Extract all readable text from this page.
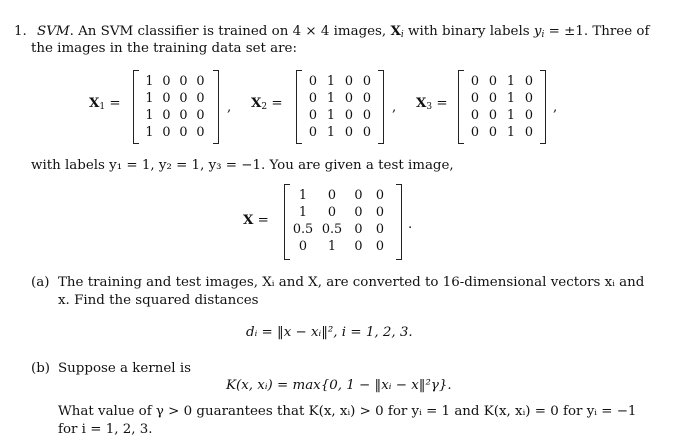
1. SVM. An SVM classifier is trained on 4 × 4 images, $X_i$ with binary labels $y_i = \pm 1$. Three of
the images in the training data set are:
$X_1$ =
1	0	0	0
1	0	0	0
1	0	0	0
1	0	0	0
, $X_2$ =
0	1	0	0
0	1	0	0
0	1	0	0
0	1	0	0
, $X_3$ =
0	0	1	0
0	0	1	0
0	0	1	0
0	0	1	0
,
with labels y₁ = 1, y₂ = 1, y₃ = −1. You are given a test image,
X =
1	0	0	0
1	0	0	0
0.5	0.5	0	0
0	1	0	0
.
(a) The training and test images, Xᵢ and X, are converted to 16-dimensional vectors xᵢ and
x. Find the squared distances
dᵢ = ‖x − xᵢ‖², i = 1, 2, 3.
(b) Suppose a kernel is
K(x, xᵢ) = max{0, 1 − ‖xᵢ − x‖²γ}.
What value of γ > 0 guarantees that K(x, xᵢ) > 0 for yᵢ = 1 and K(x, xᵢ) = 0 for yᵢ = −1
for i = 1, 2, 3.
